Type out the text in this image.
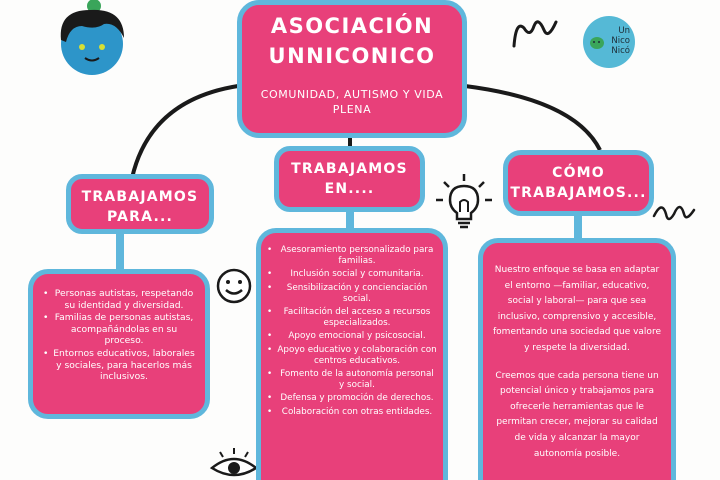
Un
Nico
Nicó
ASOCIACIÓN
UNNICONICO
COMUNIDAD, AUTISMO Y VIDA PLENA
TRABAJAMOS
PARA...
TRABAJAMOS
EN....
CÓMO
TRABAJAMOS...
• Personas autistas, respetando su identidad y diversidad.
• Familias de personas autistas, acompañándolas en su proceso.
• Entornos educativos, laborales y sociales, para hacerlos más inclusivos.
• Asesoramiento personalizado para familias.
• Inclusión social y comunitaria.
• Sensibilización y concienciación social.
• Facilitación del acceso a recursos especializados.
• Apoyo emocional y psicosocial.
• Apoyo educativo y colaboración con centros educativos.
• Fomento de la autonomía personal y social.
• Defensa y promoción de derechos.
• Colaboración con otras entidades.

Nuestro enfoque se basa en adaptar el entorno —familiar, educativo, social y laboral— para que sea inclusivo, comprensivo y accesible, fomentando una sociedad que valore y respete la diversidad.

Creemos que cada persona tiene un potencial único y trabajamos para ofrecerle herramientas que le permitan crecer, mejorar su calidad de vida y alcanzar la mayor autonomía posible.
